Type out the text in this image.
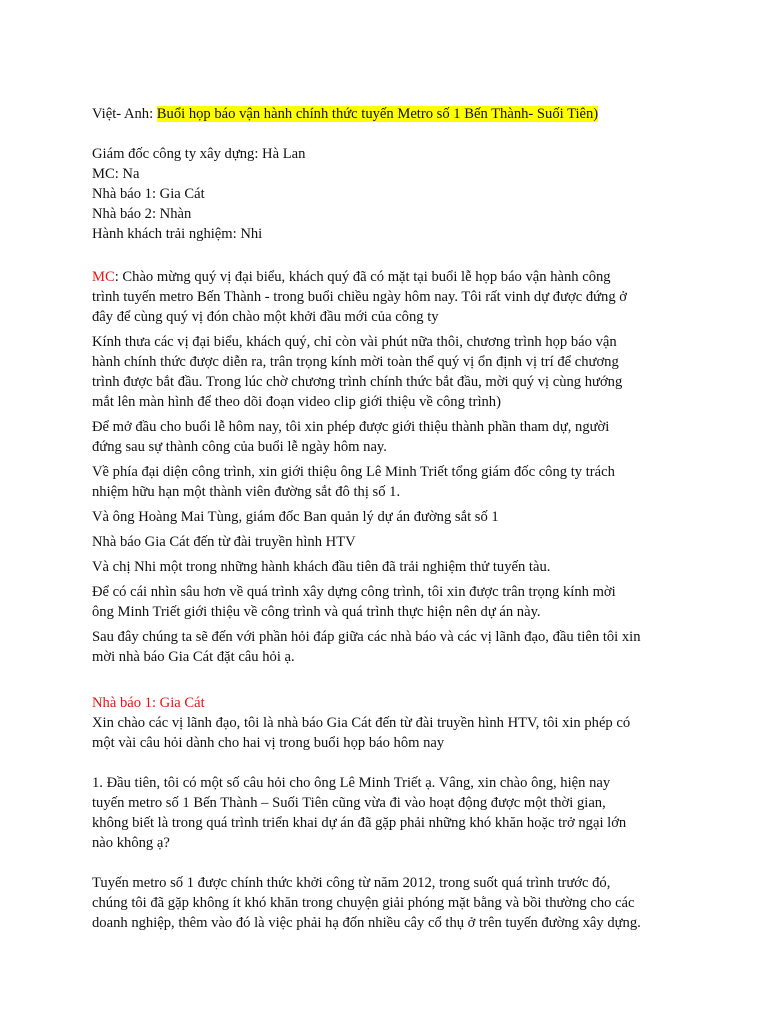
Việt- Anh: Buổi họp báo vận hành chính thức tuyến Metro số 1 Bến Thành- Suối Tiên)
Giám đốc công ty xây dựng: Hà Lan
MC: Na
Nhà báo 1: Gia Cát
Nhà báo 2: Nhàn
Hành khách trải nghiệm: Nhi
MC: Chào mừng quý vị đại biểu, khách quý đã có mặt tại buổi lễ họp báo vận hành công
trình tuyến metro Bến Thành - trong buổi chiều ngày hôm nay. Tôi rất vinh dự được đứng ở
đây để cùng quý vị đón chào một khởi đầu mới của công ty
Kính thưa các vị đại biểu, khách quý, chỉ còn vài phút nữa thôi, chương trình họp báo vận
hành chính thức được diễn ra, trân trọng kính mời toàn thể quý vị ổn định vị trí để chương
trình được bắt đầu. Trong lúc chờ chương trình chính thức bắt đầu, mời quý vị cùng hướng
mắt lên màn hình để theo dõi đoạn video clip giới thiệu về công trình)
Để mở đầu cho buổi lễ hôm nay, tôi xin phép được giới thiệu thành phần tham dự, người
đứng sau sự thành công của buổi lễ ngày hôm nay.
Về phía đại diện công trình, xin giới thiệu ông Lê Minh Triết tổng giám đốc công ty trách
nhiệm hữu hạn một thành viên đường sắt đô thị số 1.
Và ông Hoàng Mai Tùng, giám đốc Ban quản lý dự án đường sắt số 1
Nhà báo Gia Cát đến từ đài truyền hình HTV
Và chị Nhi một trong những hành khách đầu tiên đã trải nghiệm thử tuyến tàu.
Để có cái nhìn sâu hơn về quá trình xây dựng công trình, tôi xin được trân trọng kính mời
ông Minh Triết giới thiệu về công trình và quá trình thực hiện nên dự án này.
Sau đây chúng ta sẽ đến với phần hỏi đáp giữa các nhà báo và các vị lãnh đạo, đầu tiên tôi xin
mời nhà báo Gia Cát đặt câu hỏi ạ.
Nhà báo 1: Gia Cát
Xin chào các vị lãnh đạo, tôi là nhà báo Gia Cát đến từ đài truyền hình HTV, tôi xin phép có
một vài câu hỏi dành cho hai vị trong buổi họp báo hôm nay
1. Đầu tiên, tôi có một số câu hỏi cho ông Lê Minh Triết ạ. Vâng, xin chào ông, hiện nay
tuyến metro số 1 Bến Thành – Suối Tiên cũng vừa đi vào hoạt động được một thời gian,
không biết là trong quá trình triển khai dự án đã gặp phải những khó khăn hoặc trở ngại lớn
nào không ạ?
Tuyến metro số 1 được chính thức khởi công từ năm 2012, trong suốt quá trình trước đó,
chúng tôi đã gặp không ít khó khăn trong chuyện giải phóng mặt bằng và bồi thường cho các
doanh nghiệp, thêm vào đó là việc phải hạ đốn nhiều cây cổ thụ ở trên tuyến đường xây dựng.
